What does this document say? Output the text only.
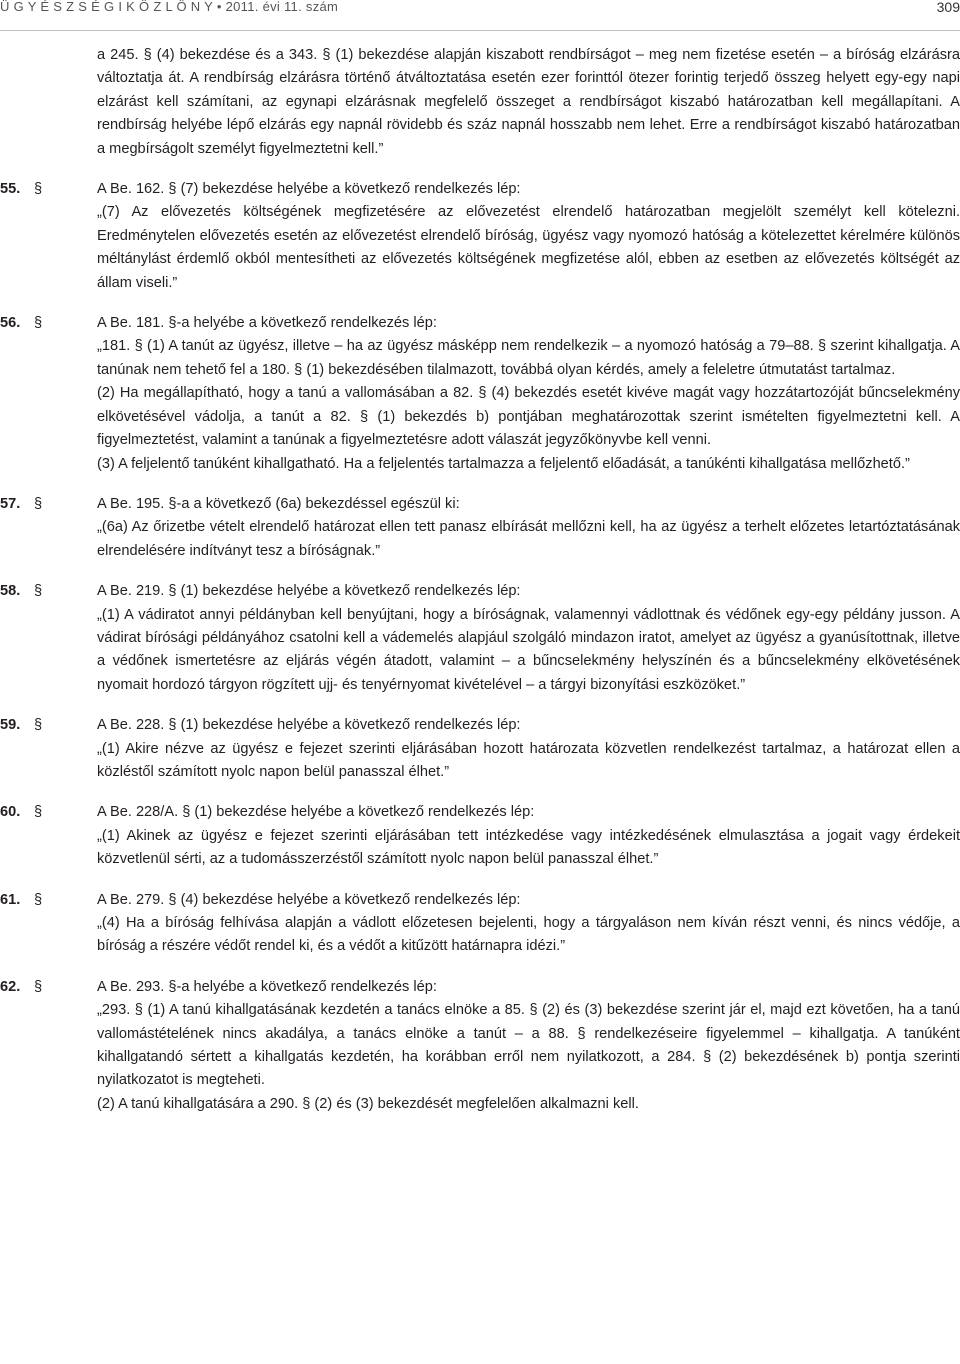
Ü G Y É S Z S É G I K Ö Z L Ö N Y • 2011. évi 11. szám	309

a 245. § (4) bekezdése és a 343. § (1) bekezdése alapján kiszabott rendbírságot – meg nem fizetése esetén – a bíróság elzárásra változtatja át. A rendbírság elzárásra történő átváltoztatása esetén ezer forinttól ötezer forintig terjedő összeg helyett egy-egy napi elzárást kell számítani, az egynapi elzárásnak megfelelő összeget a rendbírságot kiszabó határozatban kell megállapítani. A rendbírság helyébe lépő elzárás egy napnál rövidebb és száz napnál hosszabb nem lehet. Erre a rendbírságot kiszabó határozatban a megbírságolt személyt figyelmeztetni kell.”

55. §	A Be. 162. § (7) bekezdése helyébe a következő rendelkezés lép:

„(7) Az elővezetés költségének megfizetésére az elővezetést elrendelő határozatban megjelölt személyt kell kötelezni. Eredménytelen elővezetés esetén az elővezetést elrendelő bíróság, ügyész vagy nyomozó hatóság a kötelezettet kérelmére különös méltánylást érdemlő okból mentesítheti az elővezetés költségének megfizetése alól, ebben az esetben az elővezetés költségét az állam viseli.”

56. §	A Be. 181. §-a helyébe a következő rendelkezés lép:

„181. § (1) A tanút az ügyész, illetve – ha az ügyész másképp nem rendelkezik – a nyomozó hatóság a 79–88. § szerint kihallgatja. A tanúnak nem tehető fel a 180. § (1) bekezdésében tilalmazott, továbbá olyan kérdés, amely a feleletre útmutatást tartalmaz.

(2) Ha megállapítható, hogy a tanú a vallomásában a 82. § (4) bekezdés esetét kivéve magát vagy hozzátartozóját bűncselekmény elkövetésével vádolja, a tanút a 82. § (1) bekezdés b) pontjában meghatározottak szerint ismételten figyelmeztetni kell. A figyelmeztetést, valamint a tanúnak a figyelmeztetésre adott válaszát jegyzőkönyvbe kell venni.

(3) A feljelentő tanúként kihallgatható. Ha a feljelentés tartalmazza a feljelentő előadását, a tanúkénti kihallgatása mellőzhető.”

57. §	A Be. 195. §-a a következő (6a) bekezdéssel egészül ki:

„(6a) Az őrizetbe vételt elrendelő határozat ellen tett panasz elbírását mellőzni kell, ha az ügyész a terhelt előzetes letartóztatásának elrendelésére indítványt tesz a bíróságnak.”

58. §	A Be. 219. § (1) bekezdése helyébe a következő rendelkezés lép:

„(1) A vádiratot annyi példányban kell benyújtani, hogy a bíróságnak, valamennyi vádlottnak és védőnek egy-egy példány jusson. A vádirat bírósági példányához csatolni kell a vádemelés alapjául szolgáló mindazon iratot, amelyet az ügyész a gyanúsítottnak, illetve a védőnek ismertetésre az eljárás végén átadott, valamint – a bűncselekmény helyszínén és a bűncselekmény elkövetésének nyomait hordozó tárgyon rögzített ujj- és tenyérnyomat kivételével – a tárgyi bizonyítási eszközöket.”

59. §	A Be. 228. § (1) bekezdése helyébe a következő rendelkezés lép:

„(1) Akire nézve az ügyész e fejezet szerinti eljárásában hozott határozata közvetlen rendelkezést tartalmaz, a határozat ellen a közléstől számított nyolc napon belül panasszal élhet.”

60. §	A Be. 228/A. § (1) bekezdése helyébe a következő rendelkezés lép:

„(1) Akinek az ügyész e fejezet szerinti eljárásában tett intézkedése vagy intézkedésének elmulasztása a jogait vagy érdekeit közvetlenül sérti, az a tudomásszerzéstől számított nyolc napon belül panasszal élhet.”

61. §	A Be. 279. § (4) bekezdése helyébe a következő rendelkezés lép:

„(4) Ha a bíróság felhívása alapján a vádlott előzetesen bejelenti, hogy a tárgyaláson nem kíván részt venni, és nincs védője, a bíróság a részére védőt rendel ki, és a védőt a kitűzött határnapra idézi.”

62. §	A Be. 293. §-a helyébe a következő rendelkezés lép:

„293. § (1) A tanú kihallgatásának kezdetén a tanács elnöke a 85. § (2) és (3) bekezdése szerint jár el, majd ezt követően, ha a tanú vallomástételének nincs akadálya, a tanács elnöke a tanút – a 88. § rendelkezéseire figyelemmel – kihallgatja. A tanúként kihallgatandó sértett a kihallgatás kezdetén, ha korábban erről nem nyilatkozott, a 284. § (2) bekezdésének b) pontja szerinti nyilatkozatot is megteheti.

(2) A tanú kihallgatására a 290. § (2) és (3) bekezdését megfelelően alkalmazni kell.
